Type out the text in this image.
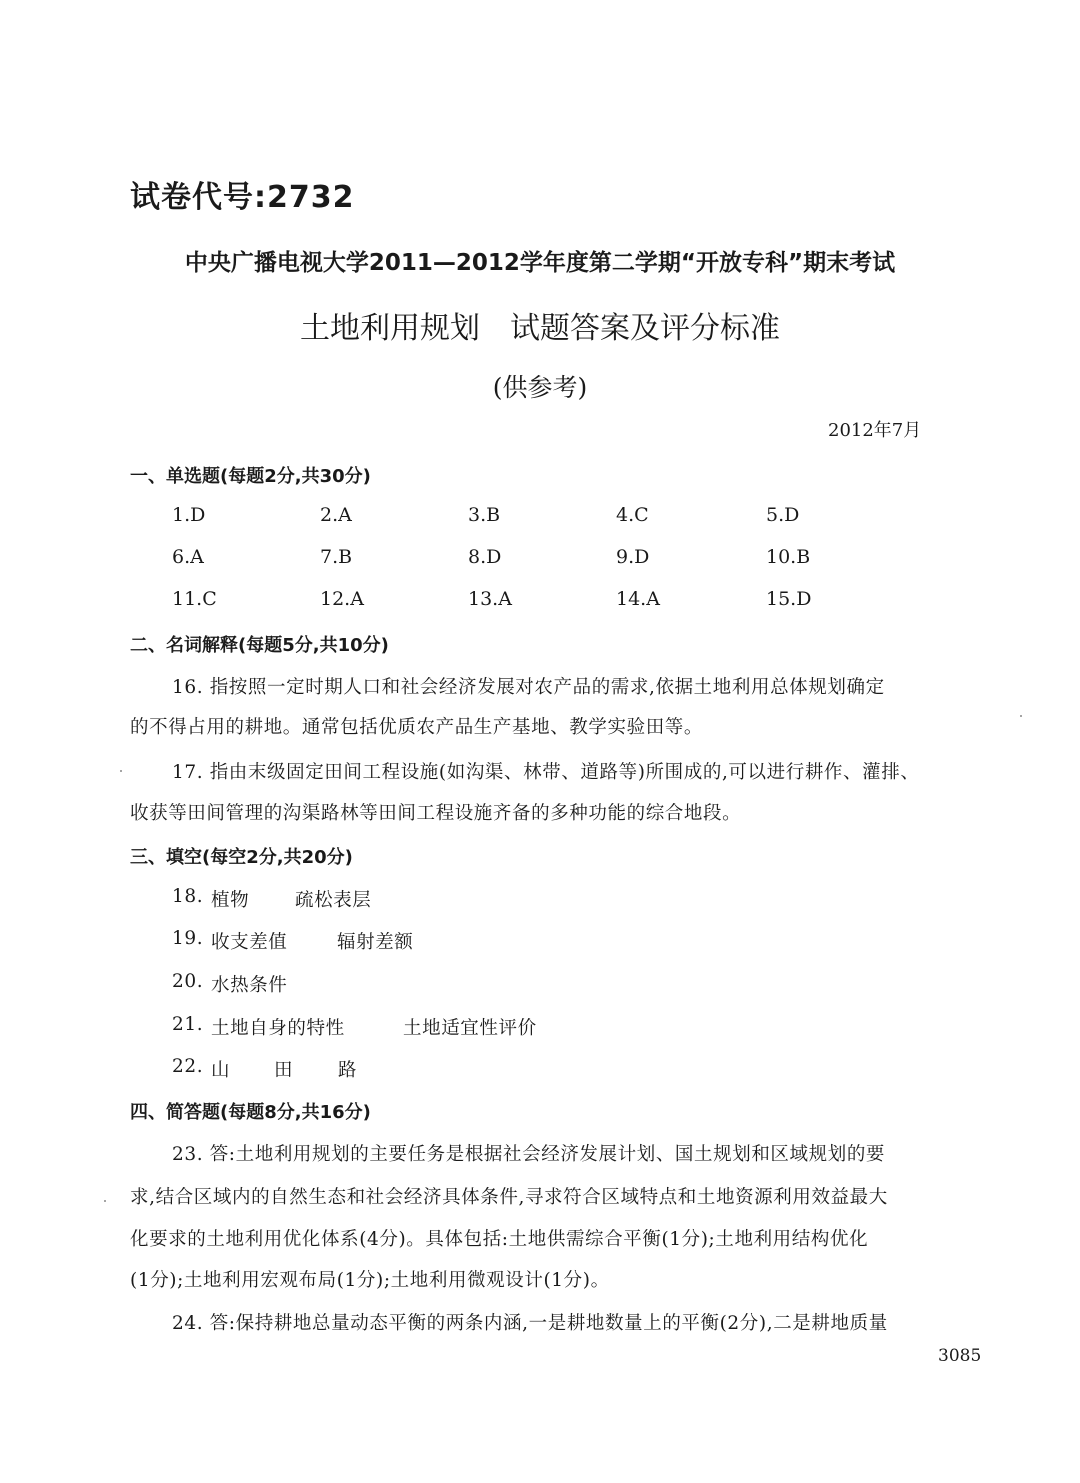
试卷代号:2732
中央广播电视大学2011—2012学年度第二学期“开放专科”期末考试
土地利用规划　试题答案及评分标准
(供参考)
2012年7月
一、单选题(每题2分,共30分)
1.D	2.A	3.B	4.C	5.D
6.A	7.B	8.D	9.D	10.B
11.C	12.A	13.A	14.A	15.D
二、名词解释(每题5分,共10分)
16. 指按照一定时期人口和社会经济发展对农产品的需求,依据土地利用总体规划确定
的不得占用的耕地。通常包括优质农产品生产基地、教学实验田等。
17. 指由末级固定田间工程设施(如沟渠、林带、道路等)所围成的,可以进行耕作、灌排、
收获等田间管理的沟渠路林等田间工程设施齐备的多种功能的综合地段。
三、填空(每空2分,共20分)
18. 植物 疏松表层
19. 收支差值	辐射差额
20. 水热条件
21. 土地自身的特性	土地适宜性评价
22. 山 田 路
四、简答题(每题8分,共16分)
23. 答:土地利用规划的主要任务是根据社会经济发展计划、国土规划和区域规划的要
求,结合区域内的自然生态和社会经济具体条件,寻求符合区域特点和土地资源利用效益最大
化要求的土地利用优化体系(4分)。具体包括:土地供需综合平衡(1分);土地利用结构优化
(1分);土地利用宏观布局(1分);土地利用微观设计(1分)。
24. 答:保持耕地总量动态平衡的两条内涵,一是耕地数量上的平衡(2分),二是耕地质量
3085
